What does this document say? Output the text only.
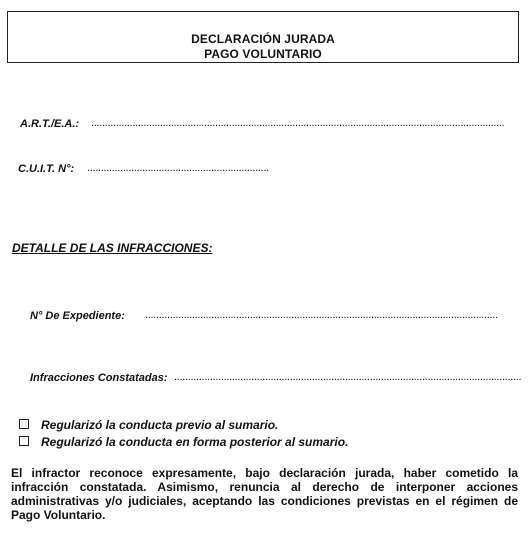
DECLARACIÓN JURADA
PAGO VOLUNTARIO
A.R.T./E.A.: ......................................................................................................................................................
C.U.I.T. N°: ..................................................................
DETALLE DE LAS INFRACCIONES:
N° De Expediente: ................................................................................................................................
Infracciones Constatadas: ..............................................................................................................................
Regularizó la conducta previo al sumario.
Regularizó la conducta en forma posterior al sumario.
El infractor reconoce expresamente, bajo declaración jurada, haber cometido la infracción constatada. Asimismo, renuncia al derecho de interponer acciones administrativas y/o judiciales, aceptando las condiciones previstas en el régimen de Pago Voluntario.
